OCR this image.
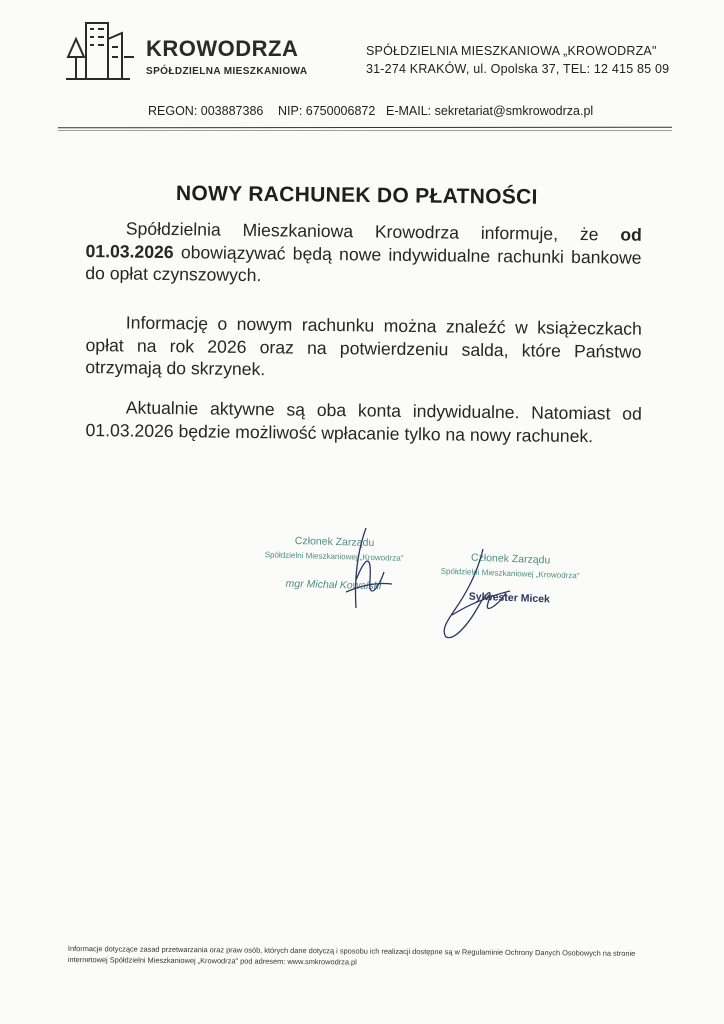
KROWODRZA
SPÓŁDZIELNA MIESZKANIOWA
SPÓŁDZIELNIA MIESZKANIOWA „KROWODRZA"
31-274 KRAKÓW, ul. Opolska 37, TEL: 12 415 85 09
REGON: 003887386 NIP: 6750006872 E-MAIL: sekretariat@smkrowodrza.pl
NOWY RACHUNEK DO PŁATNOŚCI
Spółdzielnia Mieszkaniowa Krowodrza informuje, że od 01.03.2026 obowiązywać będą nowe indywidualne rachunki bankowe do opłat czynszowych.
Informację o nowym rachunku można znaleźć w książeczkach opłat na rok 2026 oraz na potwierdzeniu salda, które Państwo otrzymają do skrzynek.
Aktualnie aktywne są oba konta indywidualne. Natomiast od 01.03.2026 będzie możliwość wpłacanie tylko na nowy rachunek.
Członek Zarządu
Spółdzielni Mieszkaniowej „Krowodrza"
mgr Michał Kowalski
Członek Zarządu
Spółdzielni Mieszkaniowej „Krowodrza"
Sylwester Micek
Informacje dotyczące zasad przetwarzania oraz praw osób, których dane dotyczą i sposobu ich realizacji dostępne są w Regulaminie Ochrony Danych Osobowych na stronie internetowej Spółdzielni Mieszkaniowej „Krowodrza" pod adresem: www.smkrowodrza.pl
